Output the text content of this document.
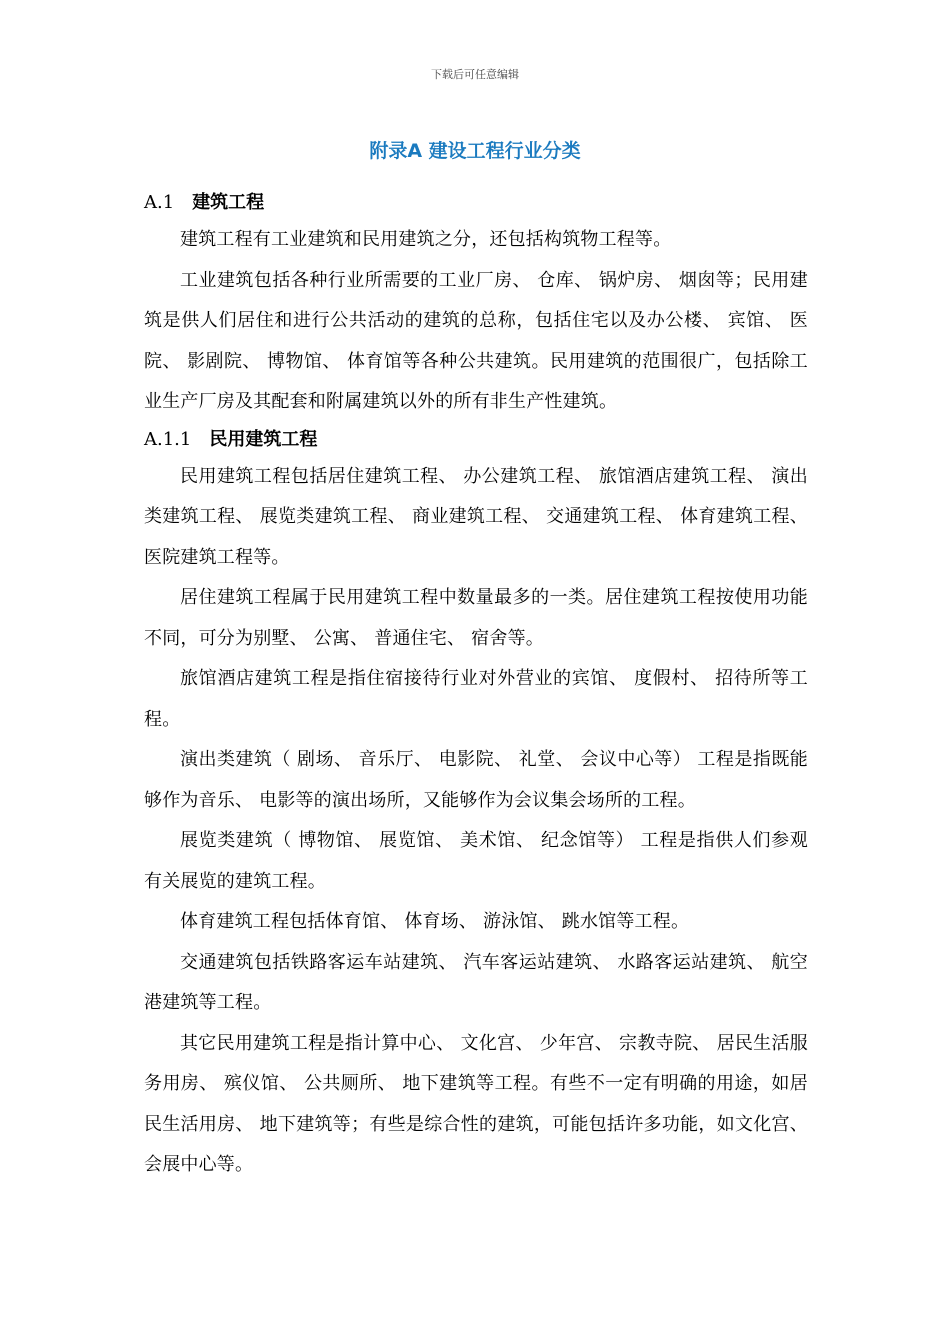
下载后可任意编辑
附录A 建设工程行业分类
A.1 建筑工程

建筑工程有工业建筑和民用建筑之分，还包括构筑物工程等。

工业建筑包括各种行业所需要的工业厂房、 仓库、 锅炉房、 烟囱等；民用建筑是供人们居住和进行公共活动的建筑的总称，包括住宅以及办公楼、 宾馆、 医院、 影剧院、 博物馆、 体育馆等各种公共建筑。民用建筑的范围很广，包括除工业生产厂房及其配套和附属建筑以外的所有非生产性建筑。

A.1.1 民用建筑工程

民用建筑工程包括居住建筑工程、 办公建筑工程、 旅馆酒店建筑工程、 演出类建筑工程、 展览类建筑工程、 商业建筑工程、 交通建筑工程、 体育建筑工程、 医院建筑工程等。

居住建筑工程属于民用建筑工程中数量最多的一类。居住建筑工程按使用功能不同，可分为别墅、 公寓、 普通住宅、 宿舍等。

旅馆酒店建筑工程是指住宿接待行业对外营业的宾馆、 度假村、 招待所等工程。

演出类建筑（ 剧场、 音乐厅、 电影院、 礼堂、 会议中心等） 工程是指既能够作为音乐、 电影等的演出场所，又能够作为会议集会场所的工程。

展览类建筑（ 博物馆、 展览馆、 美术馆、 纪念馆等） 工程是指供人们参观有关展览的建筑工程。

体育建筑工程包括体育馆、 体育场、 游泳馆、 跳水馆等工程。

交通建筑包括铁路客运车站建筑、 汽车客运站建筑、 水路客运站建筑、 航空港建筑等工程。

其它民用建筑工程是指计算中心、 文化宫、 少年宫、 宗教寺院、 居民生活服务用房、 殡仪馆、 公共厕所、 地下建筑等工程。有些不一定有明确的用途，如居民生活用房、 地下建筑等；有些是综合性的建筑，可能包括许多功能，如文化宫、 会展中心等。
